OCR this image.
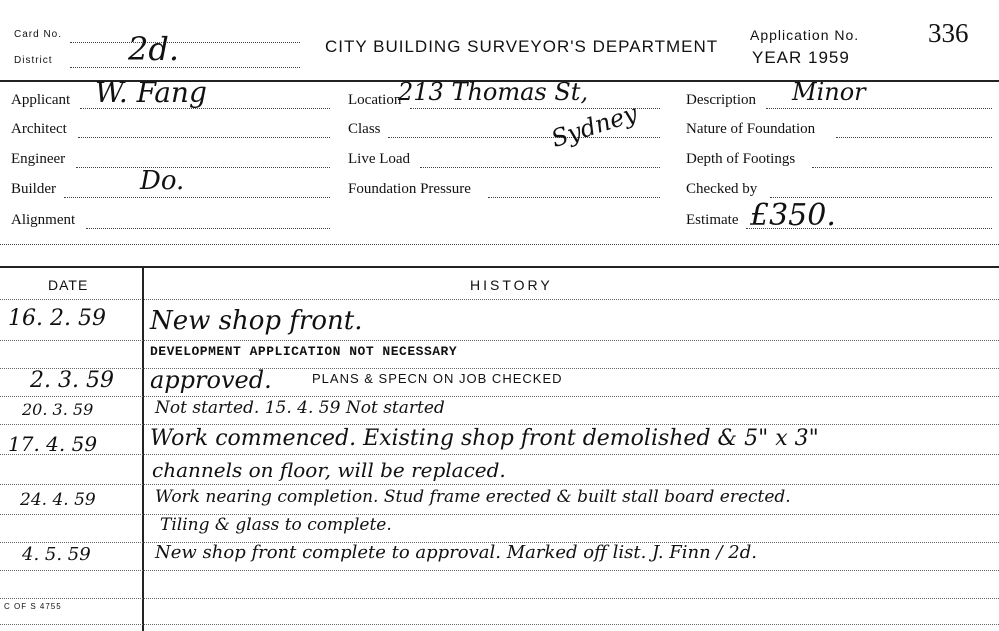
Card No.
District 2d.	CITY BUILDING SURVEYOR'S DEPARTMENT
Application No.	336
YEAR 1959
Applicant W. Fang
Architect
Engineer
Builder	Do.
Alignment
Location
213 Thomas St,
Class	Sydney
Live Load
Foundation Pressure
Description Minor
Nature of Foundation
Depth of Footings
Checked by
Estimate £350.
DATE	HISTORY
16. 2. 59 New shop front.
DEVELOPMENT APPLICATION NOT NECESSARY
2. 3. 59 approved.	PLANS & SPECN ON JOB CHECKED
20. 3. 59	Not started. 15. 4. 59 Not started
17. 4. 59 Work commenced. Existing shop front demolished & 5" x 3"
channels on floor, will be replaced.
24. 4. 59	Work nearing completion. Stud frame erected & built stall board erected.
Tiling & glass to complete.
4. 5. 59	New shop front complete to approval. Marked off list. J. Finn / 2d.
C OF S 4755
